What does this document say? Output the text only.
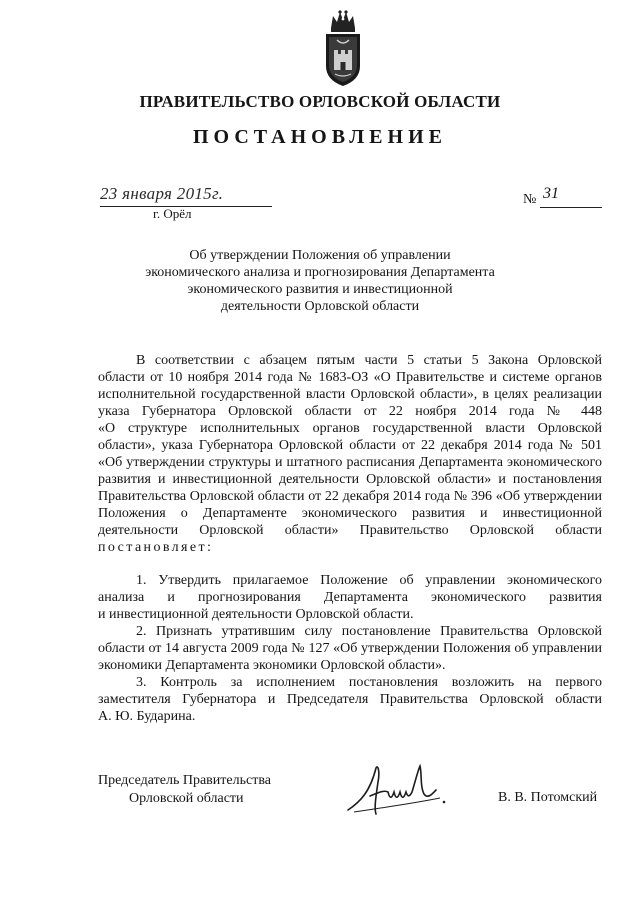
ПРАВИТЕЛЬСТВО ОРЛОВСКОЙ ОБЛАСТИ
ПОСТАНОВЛЕНИЕ
23 января 2015г.
г. Орёл
№ 31
Об утверждении Положения об управлении
экономического анализа и прогнозирования Департамента
экономического развития и инвестиционной
деятельности Орловской области
В соответствии с абзацем пятым части 5 статьи 5 Закона Орловской
области от 10 ноября 2014 года № 1683-ОЗ «О Правительстве и системе органов
исполнительной государственной власти Орловской области», в целях реализации
указа Губернатора Орловской области от 22 ноября 2014 года № 448
«О структуре исполнительных органов государственной власти Орловской
области», указа Губернатора Орловской области от 22 декабря 2014 года № 501
«Об утверждении структуры и штатного расписания Департамента экономического
развития и инвестиционной деятельности Орловской области» и постановления
Правительства Орловской области от 22 декабря 2014 года № 396 «Об утверждении
Положения о Департаменте экономического развития и инвестиционной
деятельности Орловской области» Правительство Орловской области
постановляет:
1. Утвердить прилагаемое Положение об управлении экономического
анализа и прогнозирования Департамента экономического развития
и инвестиционной деятельности Орловской области.
2. Признать утратившим силу постановление Правительства Орловской
области от 14 августа 2009 года № 127 «Об утверждении Положения об управлении
экономики Департамента экономики Орловской области».
3. Контроль за исполнением постановления возложить на первого
заместителя Губернатора и Председателя Правительства Орловской области
А. Ю. Бударина.
Председатель Правительства
Орловской области	В. В. Потомский
